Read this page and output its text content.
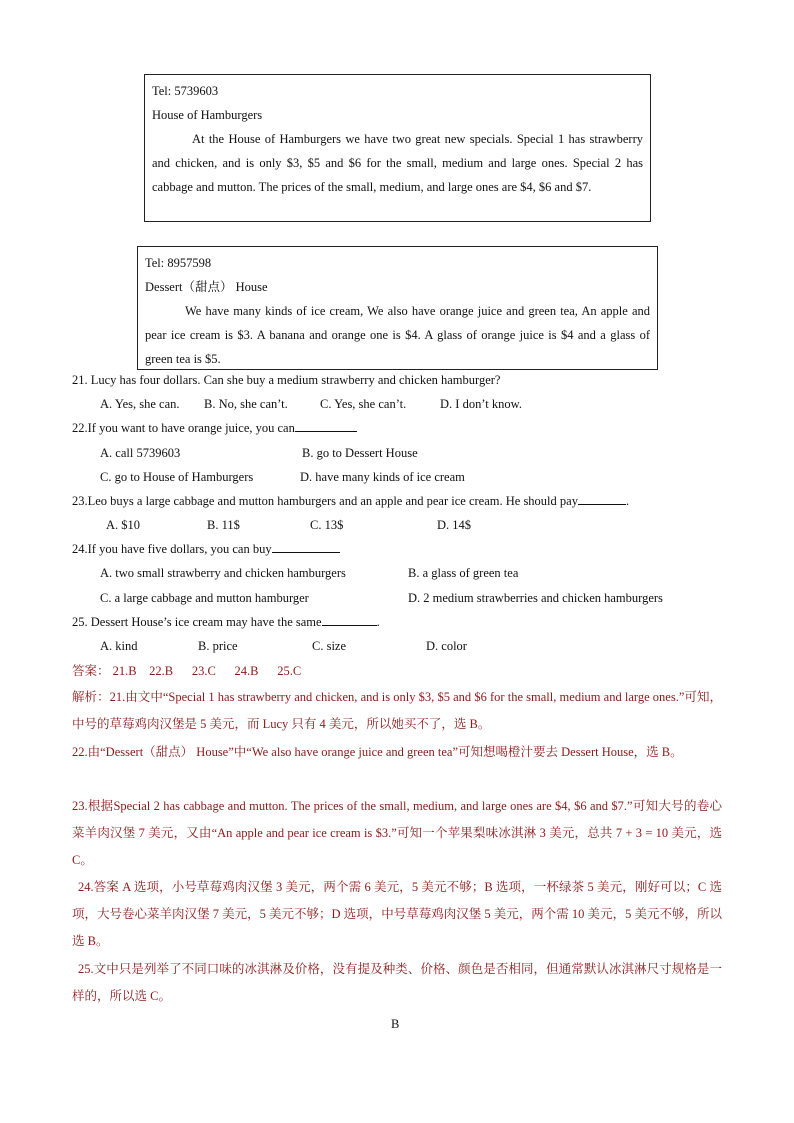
Tel: 5739603
House of Hamburgers
At the House of Hamburgers we have two great new specials. Special 1 has strawberry and chicken, and is only $3, $5 and $6 for the small, medium and large ones. Special 2 has cabbage and mutton. The prices of the small, medium, and large ones are $4, $6 and $7.
Tel: 8957598
Dessert（甜点） House
We have many kinds of ice cream, We also have orange juice and green tea, An apple and pear ice cream is $3. A banana and orange one is $4. A glass of orange juice is $4 and a glass of green tea is $5.
21. Lucy has four dollars. Can she buy a medium strawberry and chicken hamburger?
A. Yes, she can. B. No, she can’t.	C. Yes, she can’t.	D. I don’t know.
22.If you want to have orange juice, you can
A. call 5739603	B. go to Dessert House
C. go to House of Hamburgers	D. have many kinds of ice cream
23.Leo buys a large cabbage and mutton hamburgers and an apple and pear ice cream. He should pay	.
A. $10	B. 11$	C. 13$	D. 14$
24.If you have five dollars, you can buy
A. two small strawberry and chicken hamburgers	B. a glass of green tea
C. a large cabbage and mutton hamburger	D. 2 medium strawberries and chicken hamburgers
25. Dessert House’s ice cream may have the same	.
A. kind	B. price	C. size	D. color
答案： 21.B 22.B 23.C 24.B 25.C
解析：21.由文中“Special 1 has strawberry and chicken, and is only $3, $5 and $6 for the small, medium and large ones.”可知，中号的草莓鸡肉汉堡是 5 美元，而 Lucy 只有 4 美元，所以她买不了，选 B。
22.由“Dessert（甜点） House”中“We also have orange juice and green tea”可知想喝橙汁要去 Dessert House，选 B。
23.根据Special 2 has cabbage and mutton. The prices of the small, medium, and large ones are $4, $6 and $7.”可知大号的卷心菜羊肉汉堡 7 美元，又由“An apple and pear ice cream is $3.”可知一个苹果梨味冰淇淋 3 美元，总共 7 + 3 = 10 美元，选 C。
24.答案 A 选项，小号草莓鸡肉汉堡 3 美元，两个需 6 美元，5 美元不够；B 选项，一杯绿茶 5 美元，刚好可以；C 选项，大号卷心菜羊肉汉堡 7 美元，5 美元不够；D 选项，中号草莓鸡肉汉堡 5 美元，两个需 10 美元，5 美元不够，所以选 B。
25.文中只是列举了不同口味的冰淇淋及价格，没有提及种类、价格、颜色是否相同，但通常默认冰淇淋尺寸规格是一样的，所以选 C。
B
